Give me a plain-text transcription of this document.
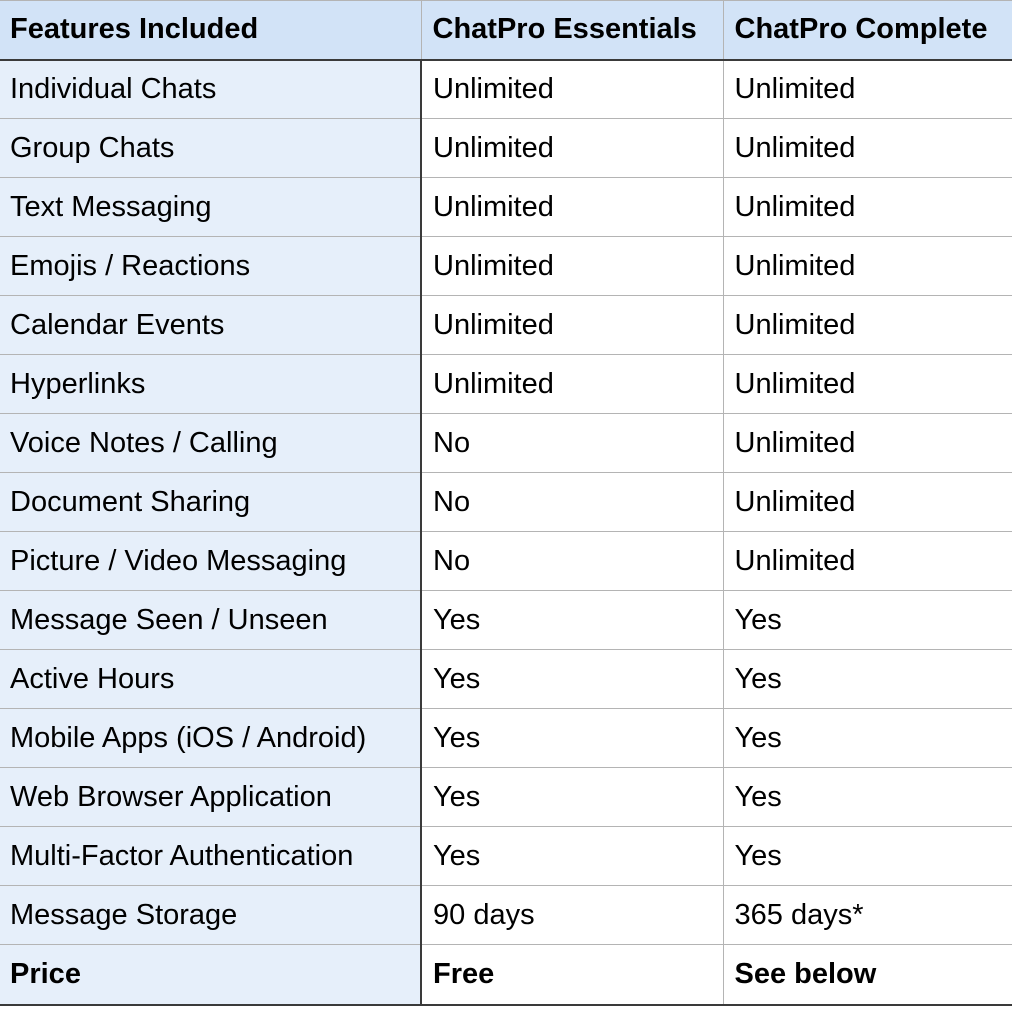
Features Included	ChatPro Essentials	ChatPro Complete
Individual Chats	Unlimited	Unlimited
Group Chats	Unlimited	Unlimited
Text Messaging	Unlimited	Unlimited
Emojis / Reactions	Unlimited	Unlimited
Calendar Events	Unlimited	Unlimited
Hyperlinks	Unlimited	Unlimited
Voice Notes / Calling	No	Unlimited
Document Sharing	No	Unlimited
Picture / Video Messaging	No	Unlimited
Message Seen / Unseen	Yes	Yes
Active Hours	Yes	Yes
Mobile Apps (iOS / Android)	Yes	Yes
Web Browser Application	Yes	Yes
Multi-Factor Authentication	Yes	Yes
Message Storage	90 days	365 days*
Price	Free	See below
